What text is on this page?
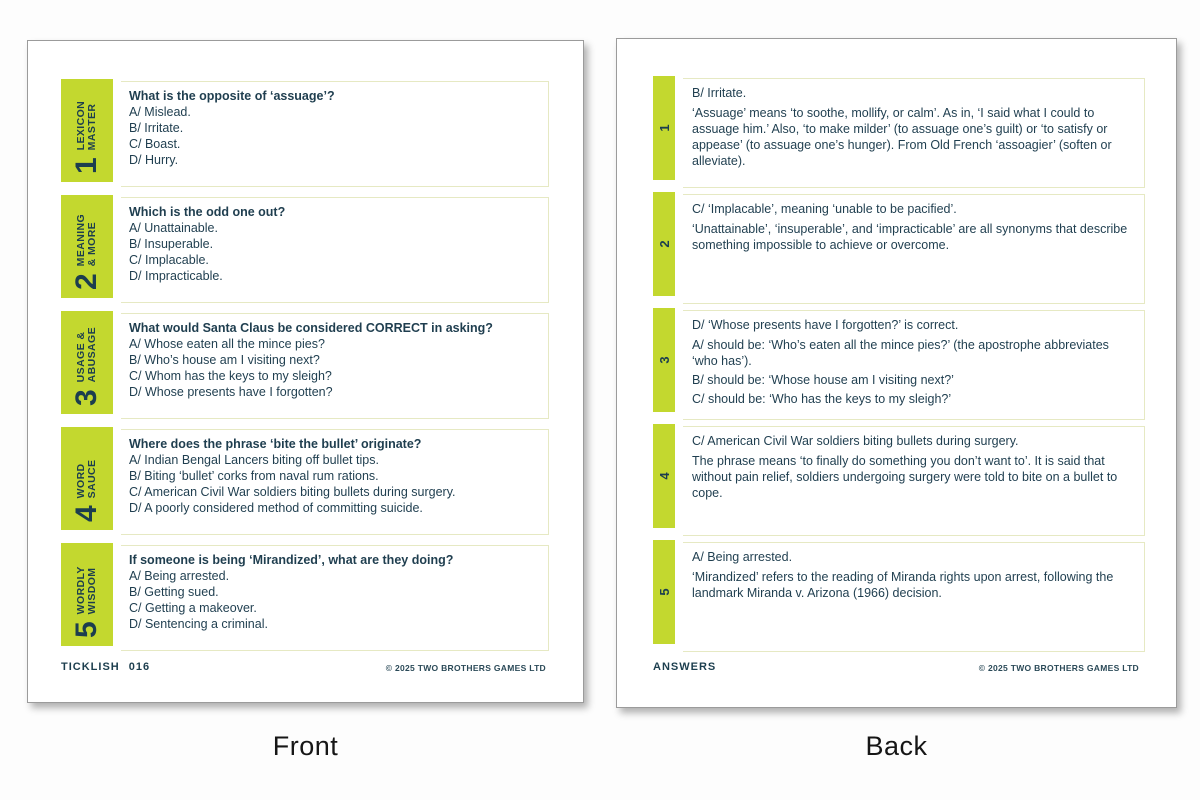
1
LEXICON MASTER
What is the opposite of ‘assuage’?
A/ Mislead.
B/ Irritate.
C/ Boast.
D/ Hurry.
2
MEANING & MORE
Which is the odd one out?
A/ Unattainable.
B/ Insuperable.
C/ Implacable.
D/ Impracticable.
3
USAGE & ABUSAGE What would Santa Claus be considered CORRECT in asking?
A/ Whose eaten all the mince pies?
B/ Who’s house am I visiting next?
C/ Whom has the keys to my sleigh?
D/ Whose presents have I forgotten?
4
WORD SAUCE
Where does the phrase ‘bite the bullet’ originate?
A/ Indian Bengal Lancers biting off bullet tips.
B/ Biting ‘bullet’ corks from naval rum rations.
C/ American Civil War soldiers biting bullets during surgery.
D/ A poorly considered method of committing suicide.
5
WORDLY WISDOM
If someone is being ‘Mirandized’, what are they doing?
A/ Being arrested.
B/ Getting sued.
C/ Getting a makeover.
D/ Sentencing a criminal.
TICKLISH 016	© 2025 TWO BROTHERS GAMES LTD
1
B/ Irritate.
‘Assuage’ means ‘to soothe, mollify, or calm’. As in, ‘I said what I could to assuage him.’ Also, ‘to make milder’ (to assuage one’s guilt) or ‘to satisfy or appease’ (to assuage one’s hunger). From Old French ‘assoagier’ (soften or alleviate).
2
C/ ‘Implacable’, meaning ‘unable to be pacified’.
‘Unattainable’, ‘insuperable’, and ‘impracticable’ are all synonyms that describe something impossible to achieve or overcome.
3
D/ ‘Whose presents have I forgotten?’ is correct.
A/ should be: ‘Who’s eaten all the mince pies?’ (the apostrophe abbreviates ‘who has’).
B/ should be: ‘Whose house am I visiting next?’
C/ should be: ‘Who has the keys to my sleigh?’
4
C/ American Civil War soldiers biting bullets during surgery.
The phrase means ‘to finally do something you don’t want to’. It is said that without pain relief, soldiers undergoing surgery were told to bite on a bullet to cope.
5
A/ Being arrested.
‘Mirandized’ refers to the reading of Miranda rights upon arrest, following the landmark Miranda v. Arizona (1966) decision.
ANSWERS	© 2025 TWO BROTHERS GAMES LTD
Front	Back
